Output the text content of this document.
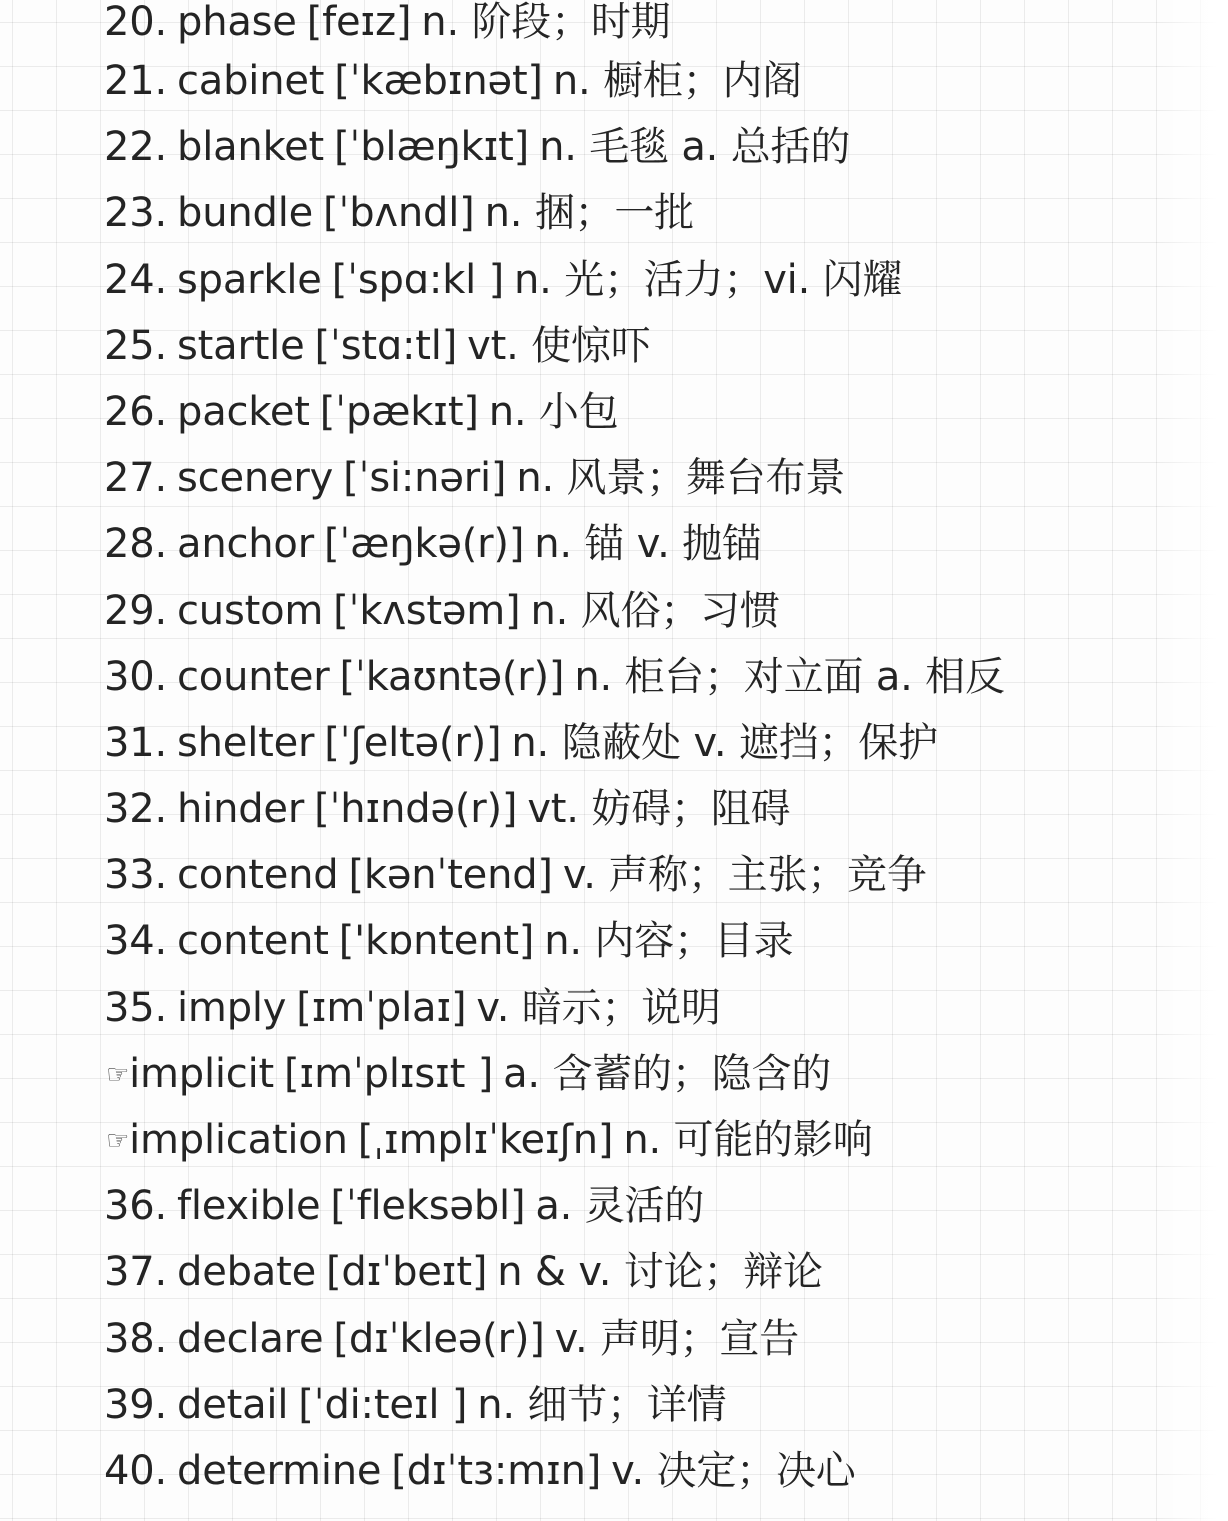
20. phase [feɪz] n. 阶段；时期
21. cabinet [ˈkæbɪnət] n. 橱柜；内阁
22. blanket [ˈblæŋkɪt] n. 毛毯 a. 总括的
23. bundle [ˈbʌndl] n. 捆；一批
24. sparkle [ˈspɑ:kl ] n. 光；活力；vi. 闪耀
25. startle [ˈstɑ:tl] vt. 使惊吓
26. packet [ˈpækɪt] n. 小包
27. scenery [ˈsi:nəri] n. 风景；舞台布景
28. anchor [ˈæŋkə(r)] n. 锚 v. 抛锚
29. custom [ˈkʌstəm] n. 风俗；习惯
30. counter [ˈkaʊntə(r)] n. 柜台；对立面 a. 相反
31. shelter [ˈʃeltə(r)] n. 隐蔽处 v. 遮挡；保护
32. hinder [ˈhɪndə(r)] vt. 妨碍；阻碍
33. contend [kənˈtend] v. 声称；主张；竞争
34. content ['kɒntent] n. 内容；目录
35. imply [ɪmˈplaɪ] v. 暗示；说明
☞implicit [ɪmˈplɪsɪt ] a. 含蓄的；隐含的
☞implication [ˌɪmplɪˈkeɪʃn] n. 可能的影响
36. flexible [ˈfleksəbl] a. 灵活的
37. debate [dɪˈbeɪt] n & v. 讨论；辩论
38. declare [dɪˈkleə(r)] v. 声明；宣告
39. detail [ˈdi:teɪl ] n. 细节；详情
40. determine [dɪˈtɜ:mɪn] v. 决定；决心
